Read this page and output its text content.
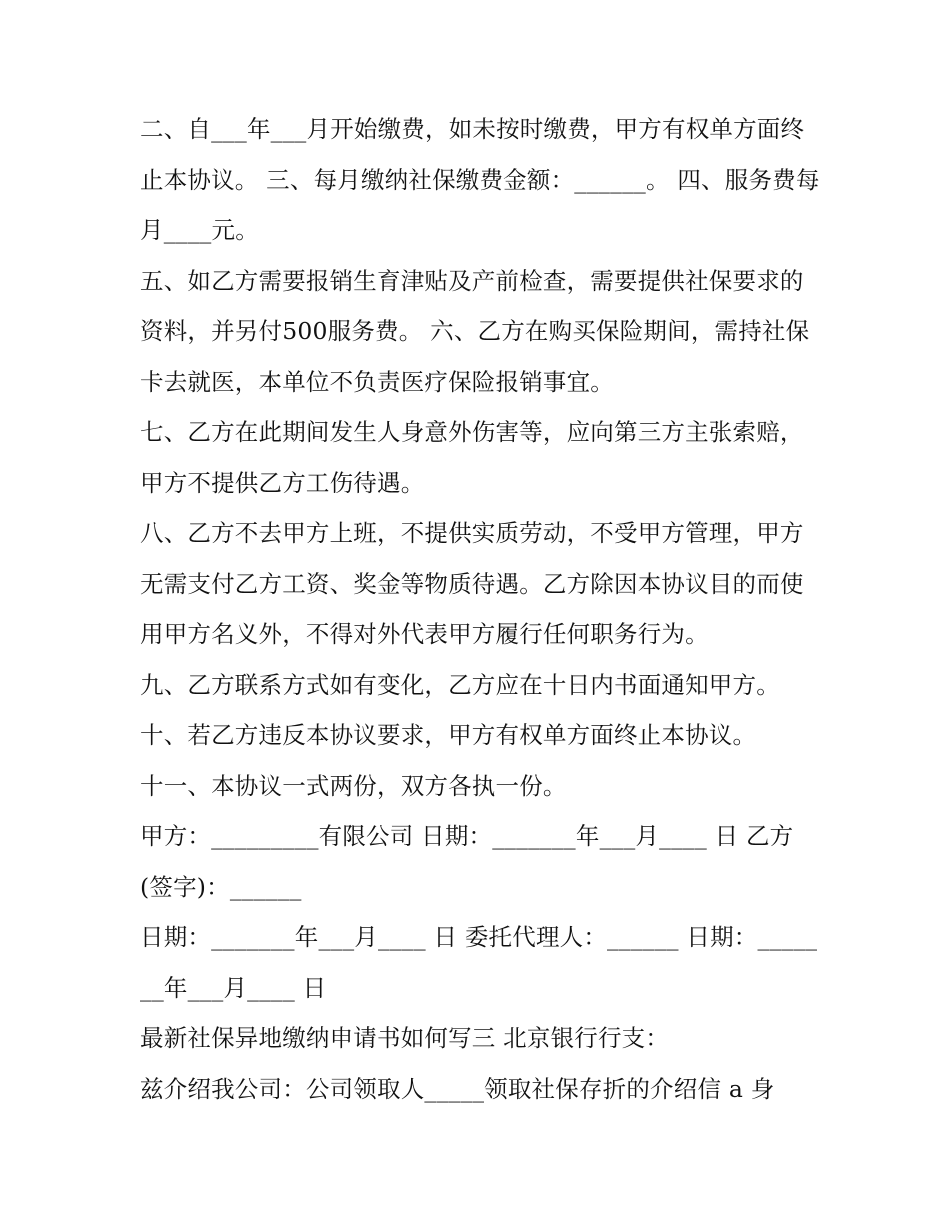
二、自___年___月开始缴费，如未按时缴费，甲方有权单方面终止本协议。 三、每月缴纳社保缴费金额：______。 四、服务费每月____元。

五、如乙方需要报销生育津贴及产前检查，需要提供社保要求的资料，并另付500服务费。 六、乙方在购买保险期间，需持社保卡去就医，本单位不负责医疗保险报销事宜。

七、乙方在此期间发生人身意外伤害等，应向第三方主张索赔，甲方不提供乙方工伤待遇。

八、乙方不去甲方上班，不提供实质劳动，不受甲方管理，甲方无需支付乙方工资、奖金等物质待遇。乙方除因本协议目的而使用甲方名义外，不得对外代表甲方履行任何职务行为。

九、乙方联系方式如有变化，乙方应在十日内书面通知甲方。

十、若乙方违反本协议要求，甲方有权单方面终止本协议。

十一、本协议一式两份，双方各执一份。

甲方：_________有限公司 日期：_______年___月____ 日 乙方(签字)：______

日期：_______年___月____ 日 委托代理人：______ 日期：_______年___月____ 日

最新社保异地缴纳申请书如何写三 北京银行行支：

兹介绍我公司：公司领取人_____领取社保存折的介绍信 a 身
